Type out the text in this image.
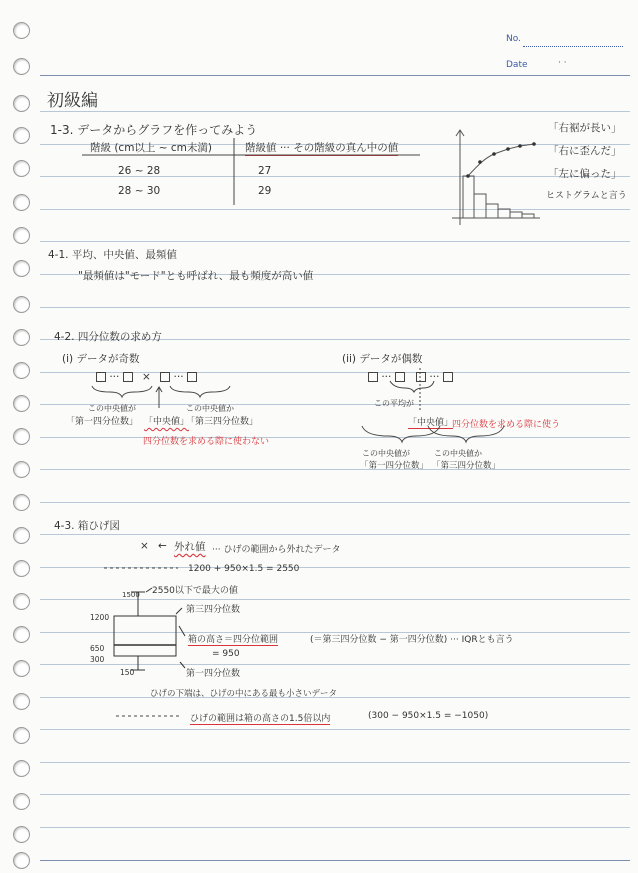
No.
Date	· ·
初級編
1-3. データからグラフを作ってみよう
階級 (cm以上 ~ cm未満)	階級値 ··· その階級の真ん中の値
26 ~ 28	27
28 ~ 30	29
「右裾が長い」
「右に歪んだ」
「左に偏った」
ヒストグラムと言う
4-1. 平均、中央値、最頻値
"最頻値は"モード"とも呼ばれ、最も頻度が高い値
4-2. 四分位数の求め方
(i) データが奇数	(ii) データが偶数
··· × ···	···	···
この中央値が
「第一四分位数」 「中央値」
この中央値か
「第三四分位数」
四分位数を求める際に使わない
この平均が
「中央値」
四分位数を求める際に使う
この中央値が
「第一四分位数」
この中央値か
「第三四分位数」
4-3. 箱ひげ図
× ← 外れ値 ··· ひげの範囲から外れたデータ
1200 + 950×1.5 = 2550
2550以下で最大の値
第三四分位数
箱の高さ＝四分位範囲	(＝第三四分位数 − 第一四分位数) ··· IQRとも言う
= 950
第一四分位数
ひげの下端は、ひげの中にある最も小さいデータ
ひげの範囲は箱の高さの1.5倍以内	(300 − 950×1.5 = −1050)
1500
1200
650
300
150
